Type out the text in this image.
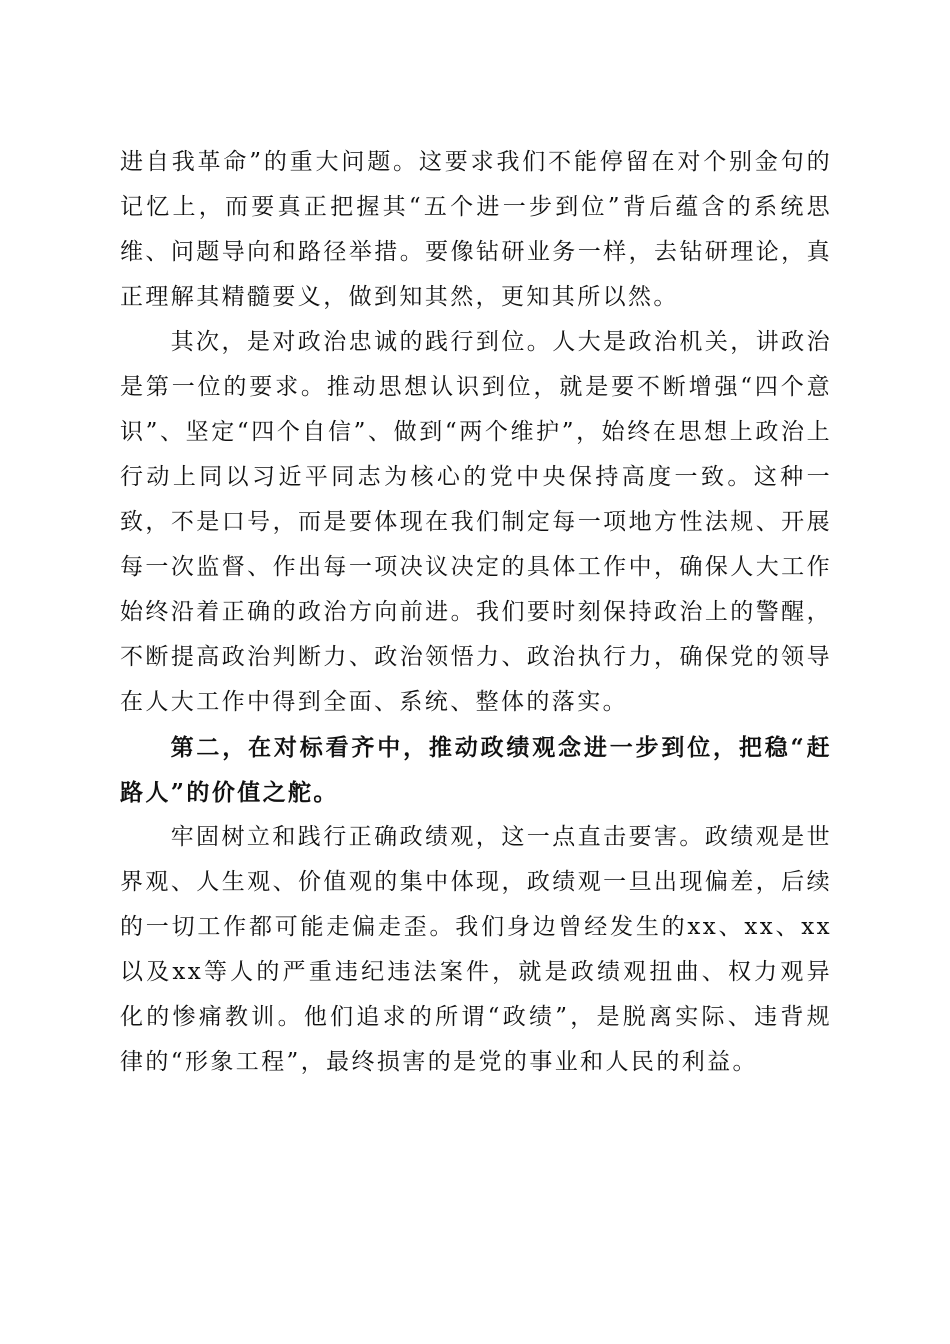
进自我革命”的重大问题。这要求我们不能停留在对个别金句的记忆上，而要真正把握其“五个进一步到位”背后蕴含的系统思维、问题导向和路径举措。要像钻研业务一样，去钻研理论，真正理解其精髓要义，做到知其然，更知其所以然。

其次，是对政治忠诚的践行到位。人大是政治机关，讲政治是第一位的要求。推动思想认识到位，就是要不断增强“四个意识”、坚定“四个自信”、做到“两个维护”，始终在思想上政治上行动上同以习近平同志为核心的党中央保持高度一致。这种一致，不是口号，而是要体现在我们制定每一项地方性法规、开展每一次监督、作出每一项决议决定的具体工作中，确保人大工作始终沿着正确的政治方向前进。我们要时刻保持政治上的警醒，不断提高政治判断力、政治领悟力、政治执行力，确保党的领导在人大工作中得到全面、系统、整体的落实。

第二，在对标看齐中，推动政绩观念进一步到位，把稳“赶路人”的价值之舵。

牢固树立和践行正确政绩观，这一点直击要害。政绩观是世界观、人生观、价值观的集中体现，政绩观一旦出现偏差，后续的一切工作都可能走偏走歪。我们身边曾经发生的xx、xx、xx以及xx等人的严重违纪违法案件，就是政绩观扭曲、权力观异化的惨痛教训。他们追求的所谓“政绩”，是脱离实际、违背规律的“形象工程”，最终损害的是党的事业和人民的利益。
